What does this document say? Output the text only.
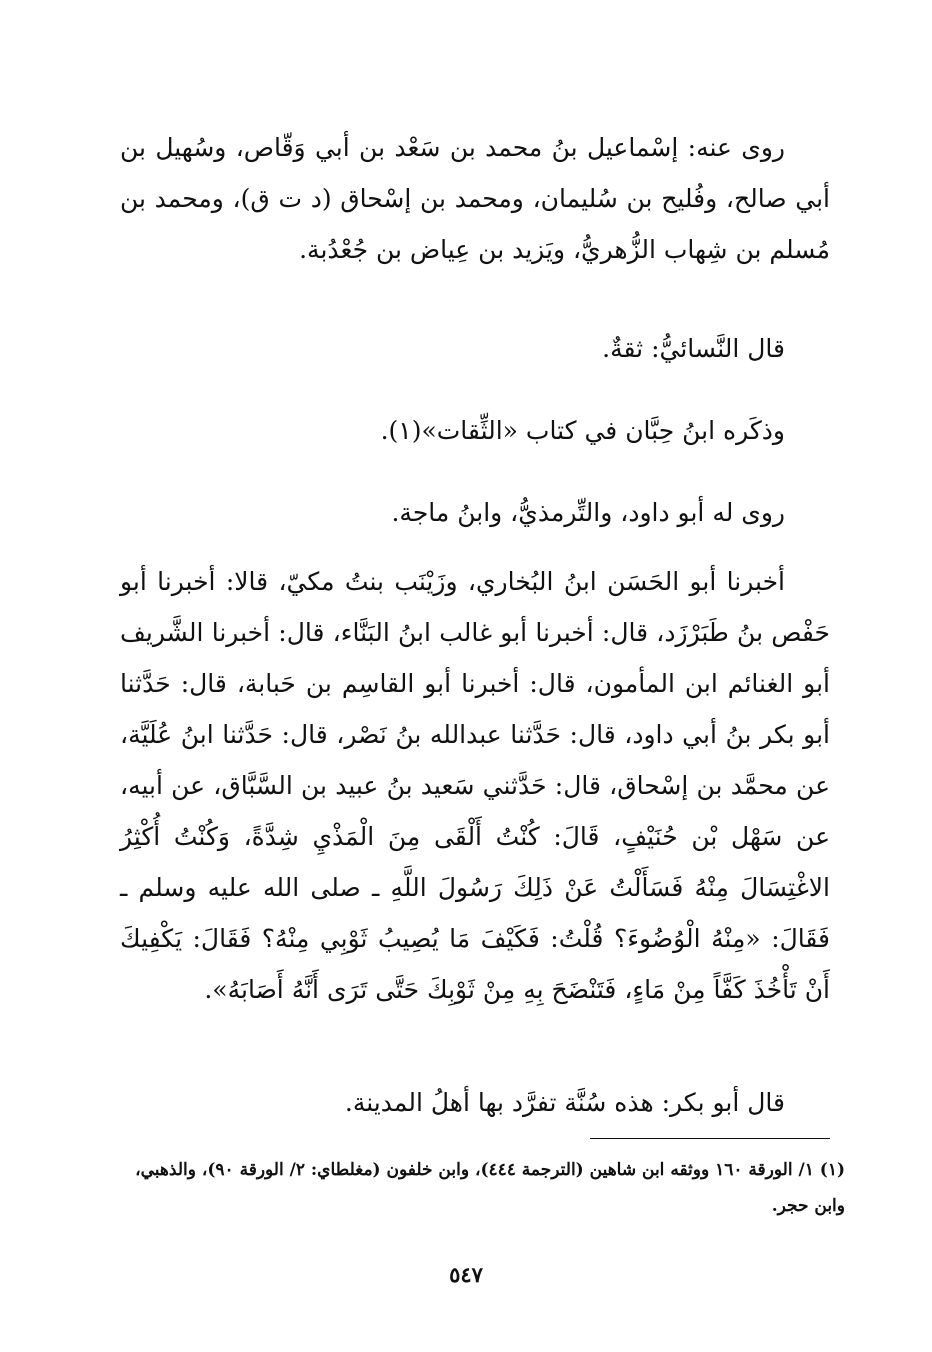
روى عنه: إسْماعيل بنُ محمد بن سَعْد بن أبي وَقّاص، وسُهيل بن أبي صالح، وفُليح بن سُليمان، ومحمد بن إسْحاق (د ت ق)، ومحمد بن مُسلم بن شِهاب الزُّهريُّ، ويَزيد بن عِياض بن جُعْدُبة.

قال النَّسائيُّ: ثقةٌ.

وذكَره ابنُ حِبَّان في كتاب «الثِّقات»(١).

روى له أبو داود، والتِّرمذيُّ، وابنُ ماجة.

أخبرنا أبو الحَسَن ابنُ البُخاري، وزَيْنَب بنتُ مكيّ، قالا: أخبرنا أبو حَفْص بنُ طَبَرْزَد، قال: أخبرنا أبو غالب ابنُ البَنَّاء، قال: أخبرنا الشَّريف أبو الغنائم ابن المأمون، قال: أخبرنا أبو القاسِم بن حَبابة، قال: حَدَّثنا أبو بكر بنُ أبي داود، قال: حَدَّثنا عبدالله بنُ نَصْر، قال: حَدَّثنا ابنُ عُلَيَّة، عن محمَّد بن إسْحاق، قال: حَدَّثني سَعيد بنُ عبيد بن السَّبَّاق، عن أبيه، عن سَهْل بْن حُنَيْفٍ، قَالَ: كُنْتُ أَلْقَى مِنَ الْمَذْيِ شِدَّةً، وَكُنْتُ أُكْثِرُ الاغْتِسَالَ مِنْهُ فَسَأَلْتُ عَنْ ذَلِكَ رَسُولَ اللَّهِ ـ صلى الله عليه وسلم ـ فَقَالَ: «مِنْهُ الْوُضُوءَ؟ قُلْتُ: فَكَيْفَ مَا يُصِيبُ ثَوْبِي مِنْهُ؟ فَقَالَ: يَكْفِيكَ أَنْ تَأْخُذَ كَفَّاً مِنْ مَاءٍ، فَتَنْضَحَ بِهِ مِنْ ثَوْبِكَ حَتَّى تَرَى أَنَّهُ أَصَابَهُ».

قال أبو بكر: هذه سُنَّة تفرَّد بها أهلُ المدينة.

(١) ١/ الورقة ١٦٠ ووثقه ابن شاهين (الترجمة ٤٤٤)، وابن خلفون (مغلطاي: ٢/ الورقة ٩٠)، والذهبي، وابن حجر.

٥٤٧
